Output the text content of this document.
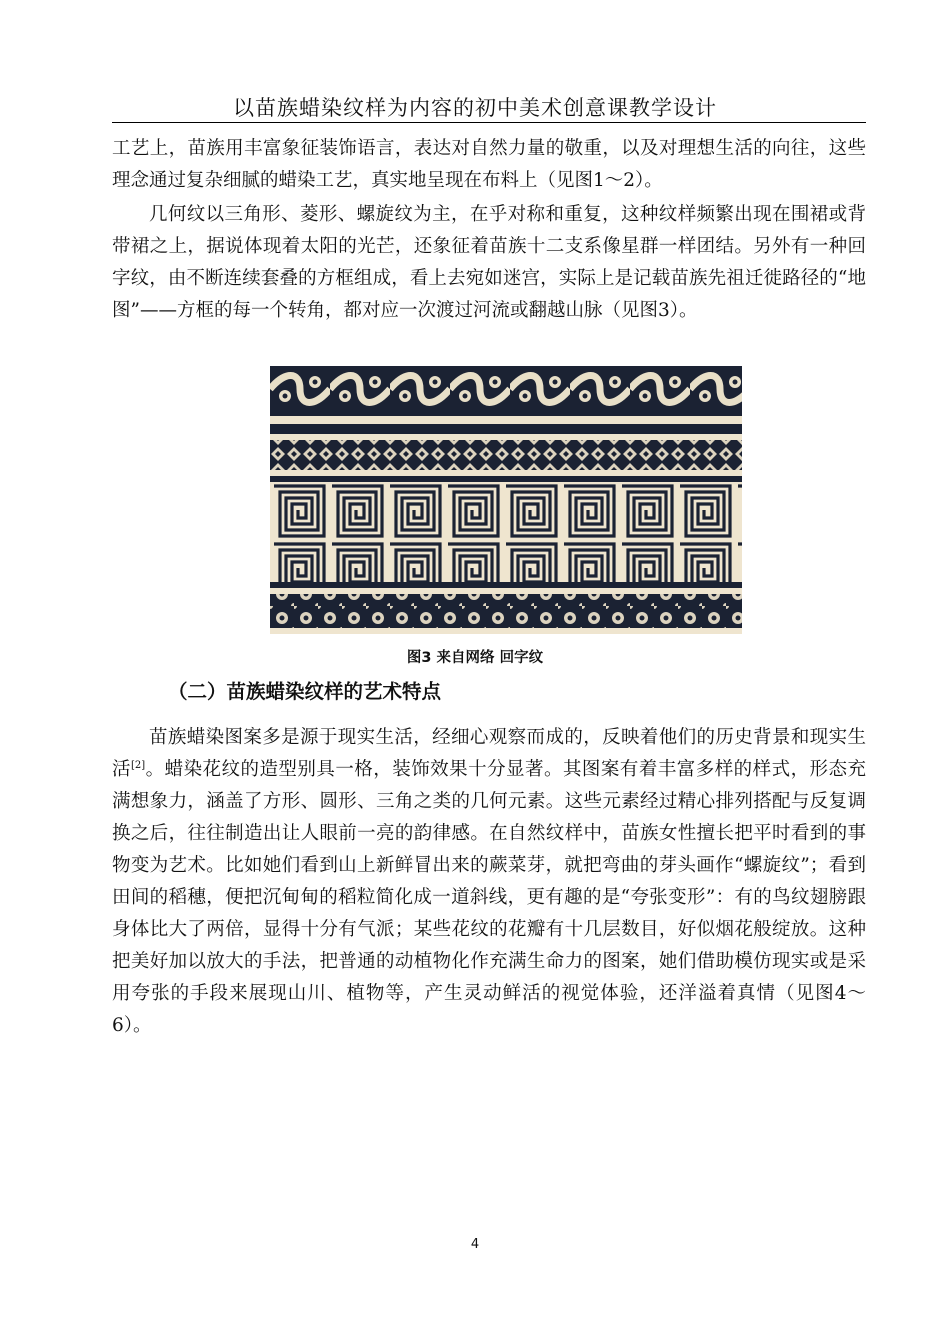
以苗族蜡染纹样为内容的初中美术创意课教学设计

工艺上，苗族用丰富象征装饰语言，表达对自然力量的敬重，以及对理想生活的向往，这些理念通过复杂细腻的蜡染工艺，真实地呈现在布料上（见图1～2）。

几何纹以三角形、菱形、螺旋纹为主，在乎对称和重复，这种纹样频繁出现在围裙或背带裙之上，据说体现着太阳的光芒，还象征着苗族十二支系像星群一样团结。另外有一种回字纹，由不断连续套叠的方框组成，看上去宛如迷宫，实际上是记载苗族先祖迁徙路径的“地图”——方框的每一个转角，都对应一次渡过河流或翻越山脉（见图3）。

图3 来自网络 回字纹
（二）苗族蜡染纹样的艺术特点

苗族蜡染图案多是源于现实生活，经细心观察而成的，反映着他们的历史背景和现实生活[2]。蜡染花纹的造型别具一格，装饰效果十分显著。其图案有着丰富多样的样式，形态充满想象力，涵盖了方形、圆形、三角之类的几何元素。这些元素经过精心排列搭配与反复调换之后，往往制造出让人眼前一亮的韵律感。在自然纹样中，苗族女性擅长把平时看到的事物变为艺术。比如她们看到山上新鲜冒出来的蕨菜芽，就把弯曲的芽头画作“螺旋纹”；看到田间的稻穗，便把沉甸甸的稻粒简化成一道斜线，更有趣的是“夸张变形”：有的鸟纹翅膀跟身体比大了两倍，显得十分有气派；某些花纹的花瓣有十几层数目，好似烟花般绽放。这种把美好加以放大的手法，把普通的动植物化作充满生命力的图案，她们借助模仿现实或是采用夸张的手段来展现山川、植物等，产生灵动鲜活的视觉体验，还洋溢着真情（见图4～6）。

4
